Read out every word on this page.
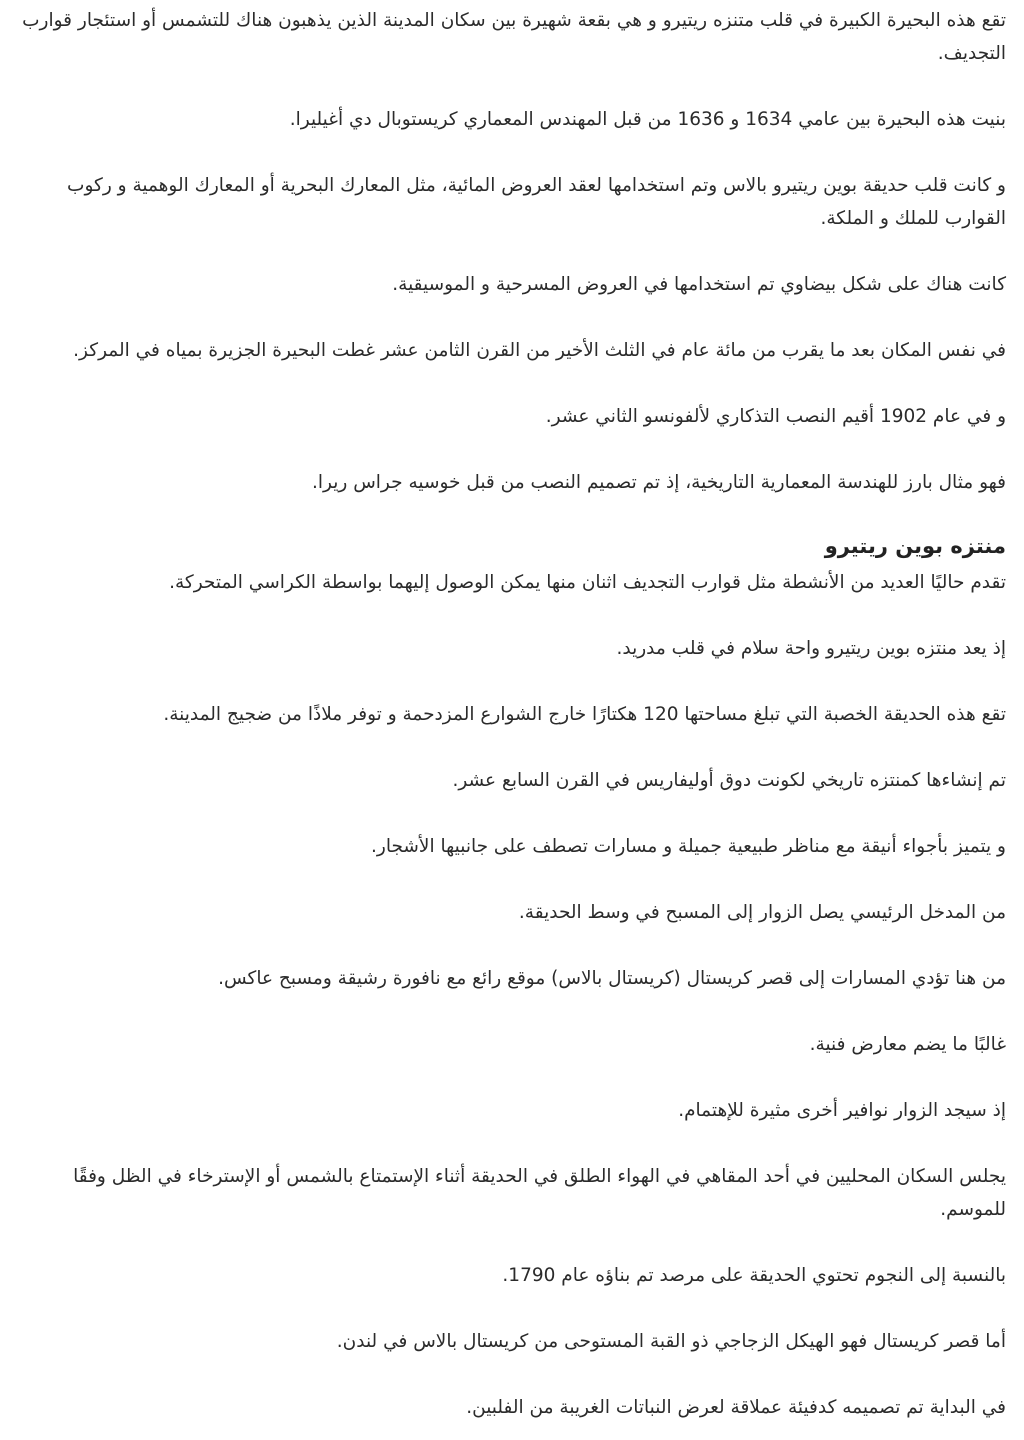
تقع هذه البحيرة الكبيرة في قلب متنزه ريتيرو و هي بقعة شهيرة بين سكان المدينة الذين يذهبون هناك للتشمس أو استئجار قوارب التجديف.

بنيت هذه البحيرة بين عامي 1634 و 1636 من قبل المهندس المعماري كريستوبال دي أغيليرا.

و كانت قلب حديقة بوين ريتيرو بالاس وتم استخدامها لعقد العروض المائية، مثل المعارك البحرية أو المعارك الوهمية و ركوب القوارب للملك و الملكة.

كانت هناك على شكل بيضاوي تم استخدامها في العروض المسرحية و الموسيقية.

في نفس المكان بعد ما يقرب من مائة عام في الثلث الأخير من القرن الثامن عشر غطت البحيرة الجزيرة بمياه في المركز.

و في عام 1902 أقيم النصب التذكاري لألفونسو الثاني عشر.

فهو مثال بارز للهندسة المعمارية التاريخية، إذ تم تصميم النصب من قبل خوسيه جراس ريرا.

منتزه بوين ريتيرو

تقدم حاليًا العديد من الأنشطة مثل قوارب التجديف اثنان منها يمكن الوصول إليهما بواسطة الكراسي المتحركة.

إذ يعد منتزه بوين ريتيرو واحة سلام في قلب مدريد.

تقع هذه الحديقة الخصبة التي تبلغ مساحتها 120 هكتارًا خارج الشوارع المزدحمة و توفر ملاذًا من ضجيج المدينة.

تم إنشاءها كمنتزه تاريخي لكونت دوق أوليفاريس في القرن السابع عشر.

و يتميز بأجواء أنيقة مع مناظر طبيعية جميلة و مسارات تصطف على جانبيها الأشجار.

من المدخل الرئيسي يصل الزوار إلى المسبح في وسط الحديقة.

من هنا تؤدي المسارات إلى قصر كريستال (كريستال بالاس) موقع رائع مع نافورة رشيقة ومسبح عاكس.

غالبًا ما يضم معارض فنية.

إذ سيجد الزوار نوافير أخرى مثيرة للإهتمام.

يجلس السكان المحليين في أحد المقاهي في الهواء الطلق في الحديقة أثناء الإستمتاع بالشمس أو الإسترخاء في الظل وفقًا للموسم.

بالنسبة إلى النجوم تحتوي الحديقة على مرصد تم بناؤه عام 1790.

أما قصر كريستال فهو الهيكل الزجاجي ذو القبة المستوحى من كريستال بالاس في لندن.

في البداية تم تصميمه كدفيئة عملاقة لعرض النباتات الغريبة من الفلبين.
